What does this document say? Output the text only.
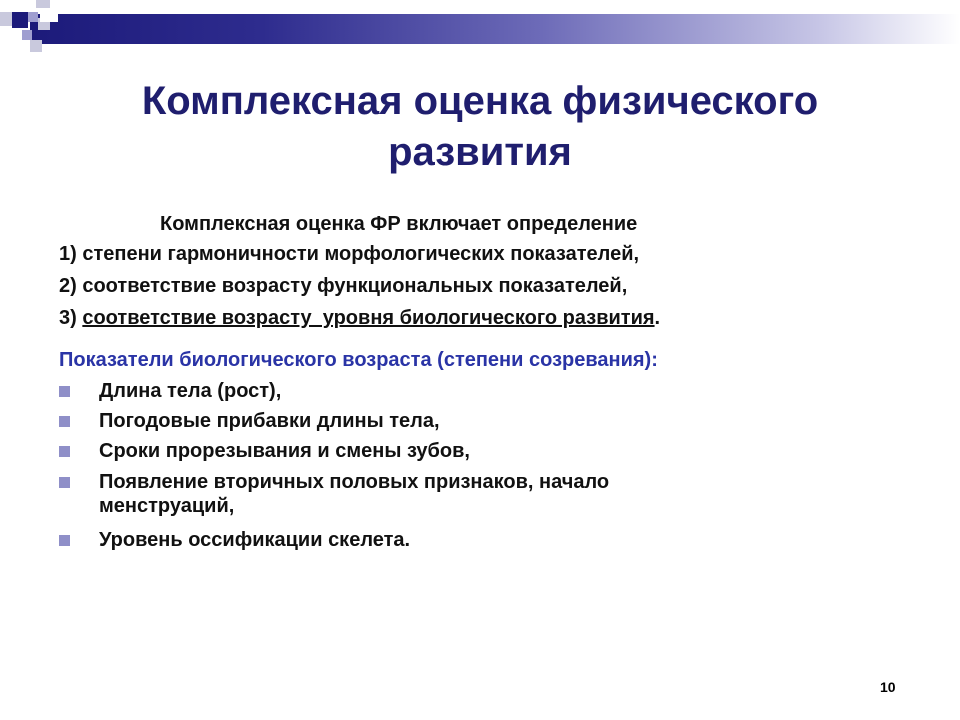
Комплексная оценка физического
развития
Комплексная оценка ФР включает определение
1) степени гармоничности морфологических показателей,
2) соответствие возрасту функциональных показателей,
3) соответствие возрасту  уровня биологического развития.
Показатели биологического возраста (степени созревания):
Длина тела (рост),
Погодовые прибавки длины тела,
Сроки прорезывания и смены зубов,
Появление вторичных половых признаков, начало
менструаций,
Уровень оссификации скелета.
10
